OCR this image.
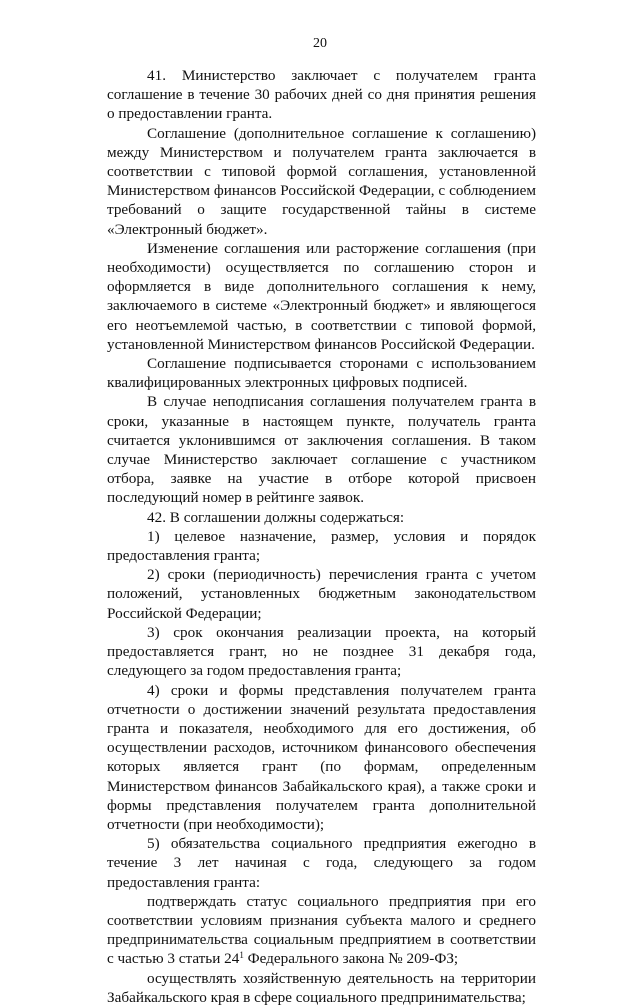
20

41. Министерство заключает с получателем гранта соглашение в течение 30 рабочих дней со дня принятия решения о предоставлении гранта.

Соглашение (дополнительное соглашение к соглашению) между Министерством и получателем гранта заключается в соответствии с типовой формой соглашения, установленной Министерством финансов Российской Федерации, с соблюдением требований о защите государственной тайны в системе «Электронный бюджет».

Изменение соглашения или расторжение соглашения (при необходимости) осуществляется по соглашению сторон и оформляется в виде дополнительного соглашения к нему, заключаемого в системе «Электронный бюджет» и являющегося его неотъемлемой частью, в соответствии с типовой формой, установленной Министерством финансов Российской Федерации.

Соглашение подписывается сторонами с использованием квалифицированных электронных цифровых подписей.

В случае неподписания соглашения получателем гранта в сроки, указанные в настоящем пункте, получатель гранта считается уклонившимся от заключения соглашения. В таком случае Министерство заключает соглашение с участником отбора, заявке на участие в отборе которой присвоен последующий номер в рейтинге заявок.

42. В соглашении должны содержаться:

1) целевое назначение, размер, условия и порядок предоставления гранта;

2) сроки (периодичность) перечисления гранта с учетом положений, установленных бюджетным законодательством Российской Федерации;

3) срок окончания реализации проекта, на который предоставляется грант, но не позднее 31 декабря года, следующего за годом предоставления гранта;

4) сроки и формы представления получателем гранта отчетности о достижении значений результата предоставления гранта и показателя, необходимого для его достижения, об осуществлении расходов, источником финансового обеспечения которых является грант (по формам, определенным Министерством финансов Забайкальского края), а также сроки и формы представления получателем гранта дополнительной отчетности (при необходимости);

5) обязательства социального предприятия ежегодно в течение 3 лет начиная с года, следующего за годом предоставления гранта:

подтверждать статус социального предприятия при его соответствии условиям признания субъекта малого и среднего предпринимательства социальным предприятием в соответствии с частью 3 статьи $24^1$ Федерального закона № 209-ФЗ;

осуществлять хозяйственную деятельность на территории Забайкальского края в сфере социального предпринимательства;
